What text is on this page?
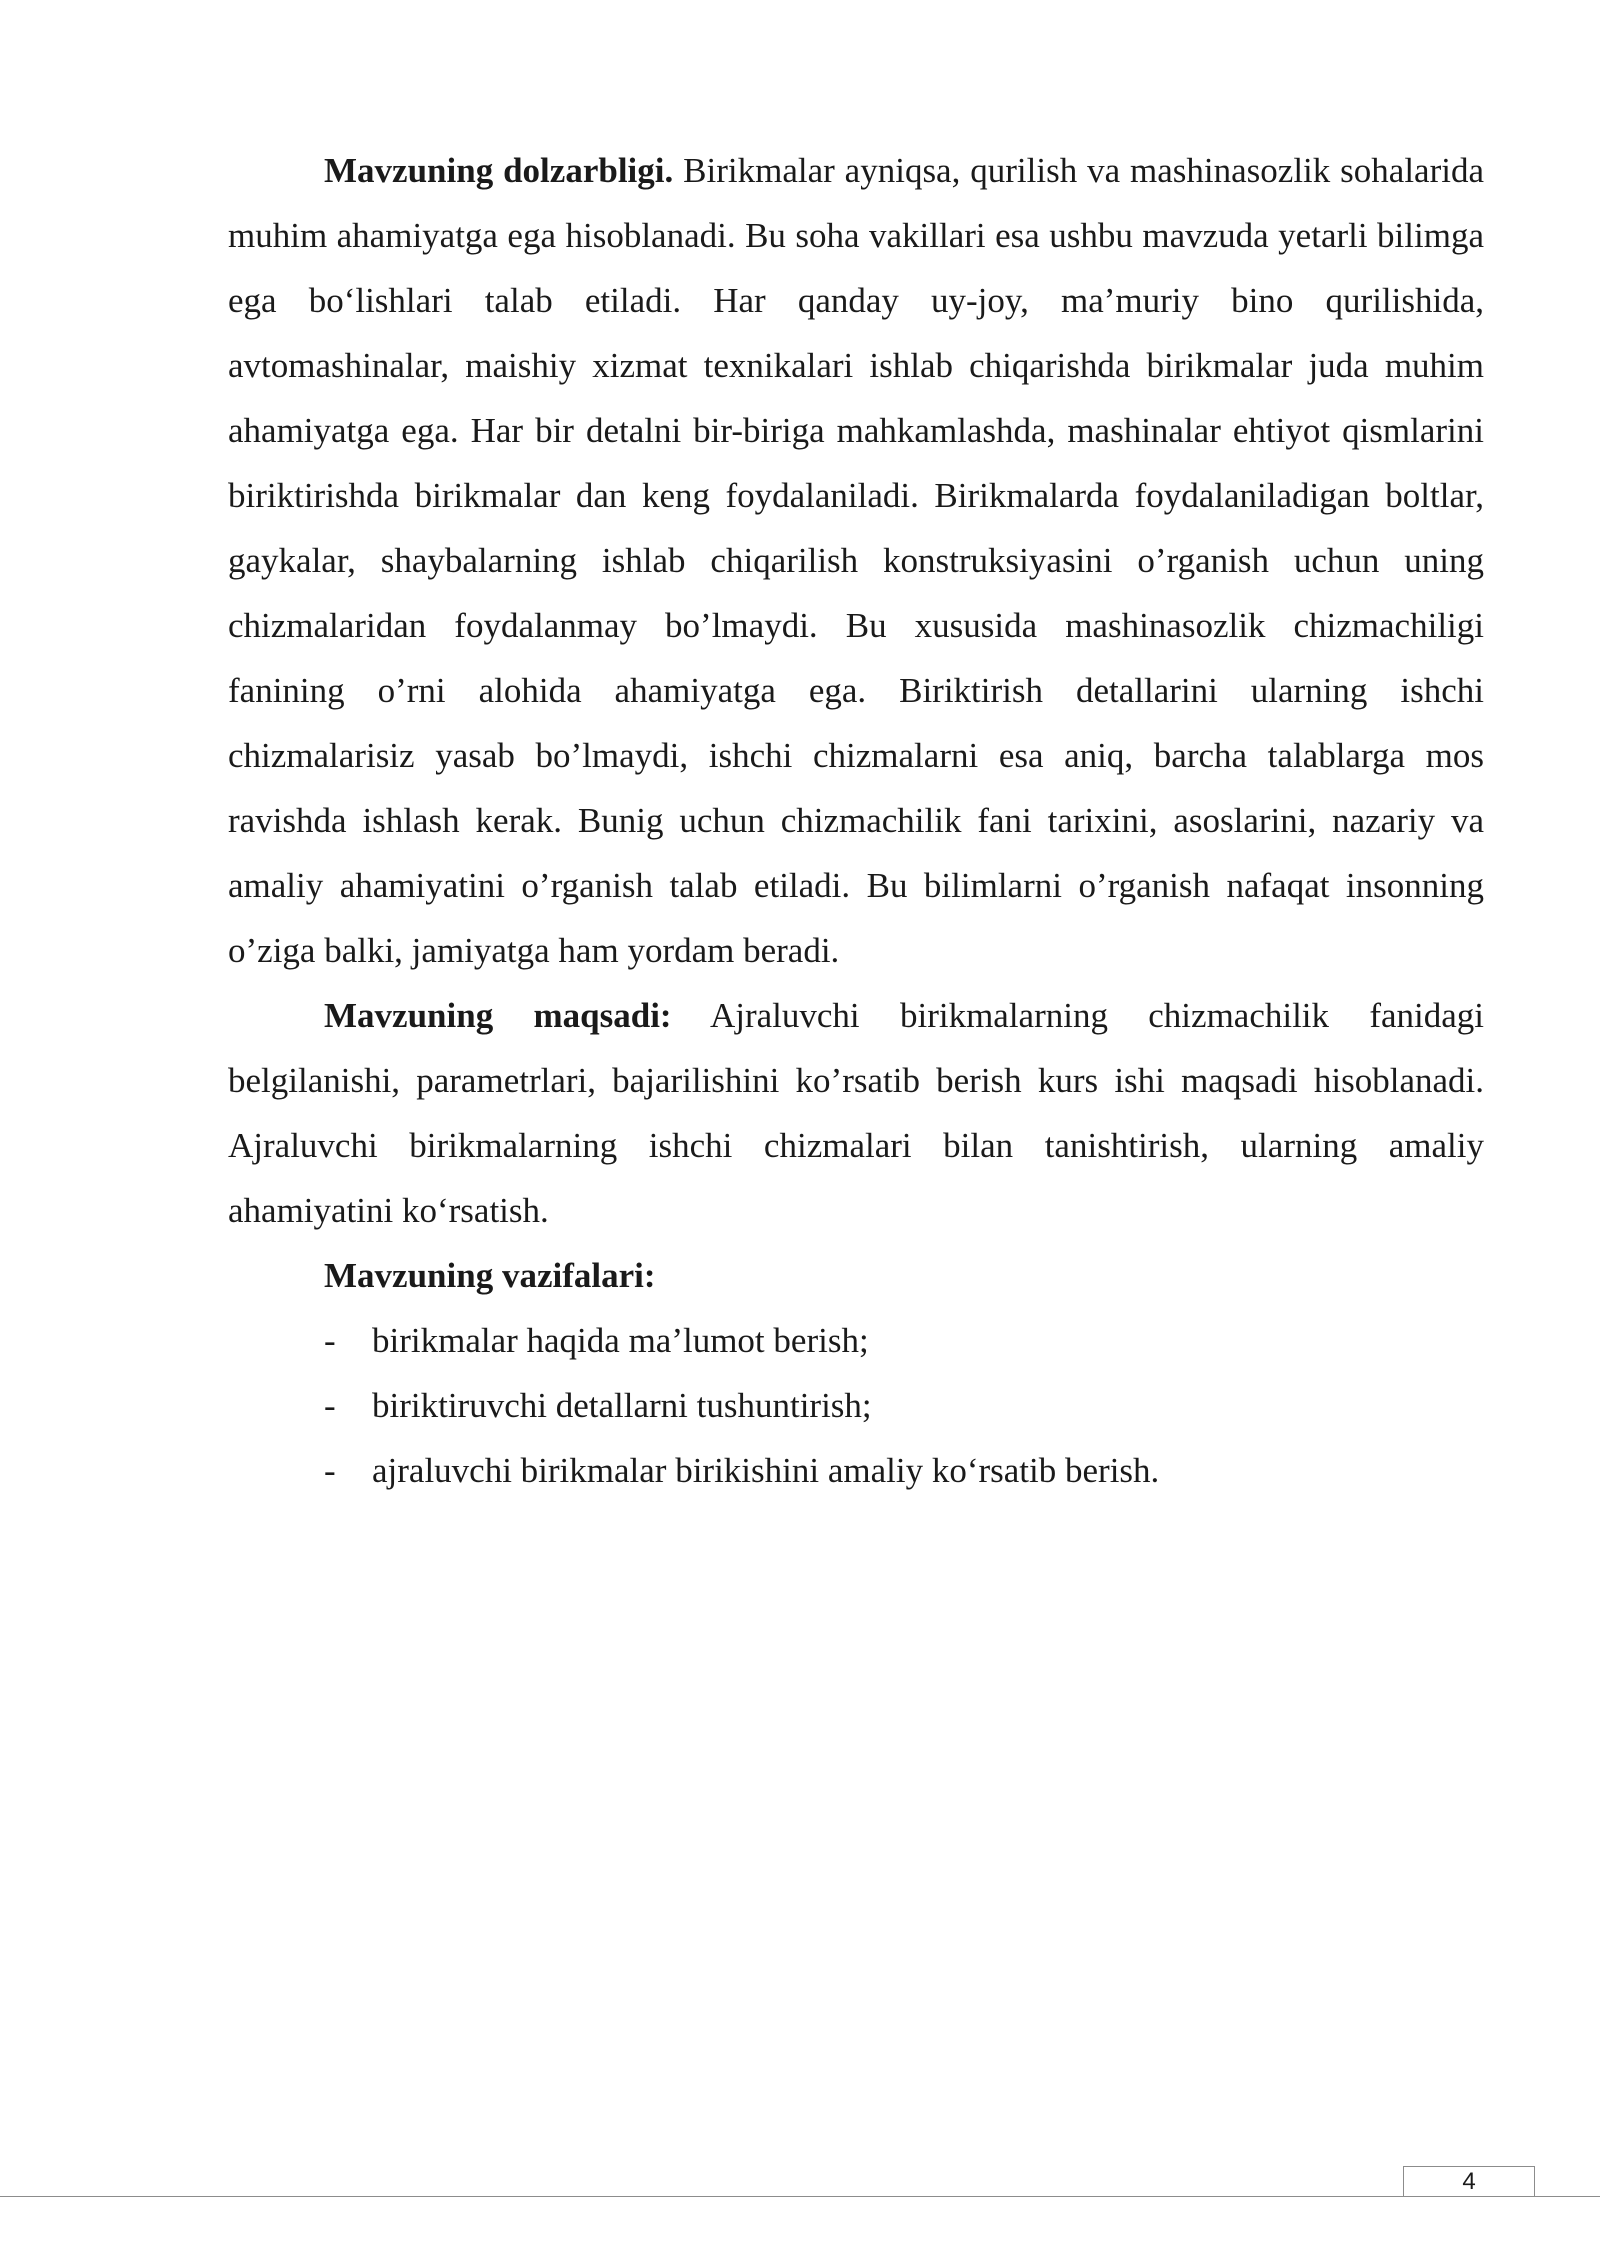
Mavzuning dolzarbligi. Birikmalar ayniqsa, qurilish va mashinasozlik sohalarida muhim ahamiyatga ega hisoblanadi. Bu soha vakillari esa ushbu mavzuda yetarli bilimga ega bo‘lishlari talab etiladi. Har qanday uy-joy, ma’muriy bino qurilishida, avtomashinalar, maishiy xizmat texnikalari ishlab chiqarishda birikmalar juda muhim ahamiyatga ega. Har bir detalni bir-biriga mahkamlashda, mashinalar ehtiyot qismlarini biriktirishda birikmalar dan keng foydalaniladi. Birikmalarda foydalaniladigan boltlar, gaykalar, shaybalarning ishlab chiqarilish konstruksiyasini o’rganish uchun uning chizmalaridan foydalanmay bo’lmaydi. Bu xususida mashinasozlik chizmachiligi fanining o’rni alohida ahamiyatga ega. Biriktirish detallarini ularning ishchi chizmalarisiz yasab bo’lmaydi, ishchi chizmalarni esa aniq, barcha talablarga mos ravishda ishlash kerak. Bunig uchun chizmachilik fani tarixini, asoslarini, nazariy va amaliy ahamiyatini o’rganish talab etiladi. Bu bilimlarni o’rganish nafaqat insonning o’ziga balki, jamiyatga ham yordam beradi.

Mavzuning maqsadi: Ajraluvchi birikmalarning chizmachilik fanidagi belgilanishi, parametrlari, bajarilishini ko’rsatib berish kurs ishi maqsadi hisoblanadi. Ajraluvchi birikmalarning ishchi chizmalari bilan tanishtirish, ularning amaliy ahamiyatini ko‘rsatish.

Mavzuning vazifalari:

- birikmalar haqida ma’lumot berish;
- biriktiruvchi detallarni tushuntirish;
- ajraluvchi birikmalar birikishini amaliy ko‘rsatib berish.
4
